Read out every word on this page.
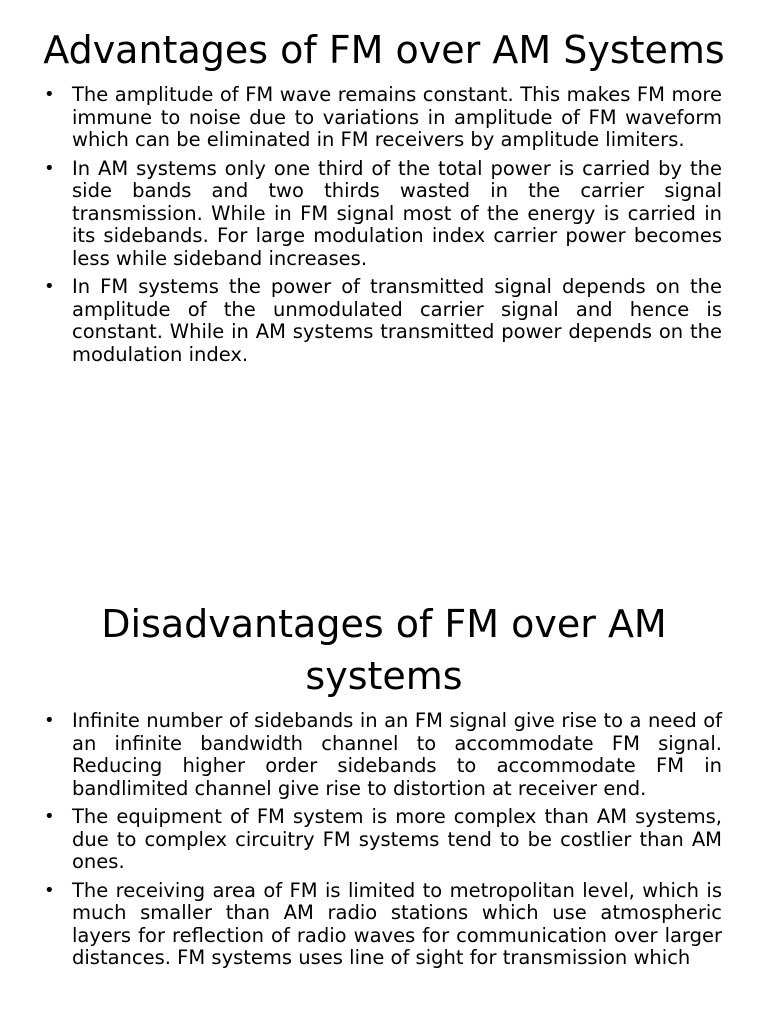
Advantages of FM over AM Systems
• The amplitude of FM wave remains constant. This makes FM more immune to noise due to variations in amplitude of FM waveform which can be eliminated in FM receivers by amplitude limiters.
• In AM systems only one third of the total power is carried by the side bands and two thirds wasted in the carrier signal transmission. While in FM signal most of the energy is carried in its sidebands. For large modulation index carrier power becomes less while sideband increases.
• In FM systems the power of transmitted signal depends on the amplitude of the unmodulated carrier signal and hence is constant. While in AM systems transmitted power depends on the modulation index.
Disadvantages of FM over AM systems
• Infinite number of sidebands in an FM signal give rise to a need of an infinite bandwidth channel to accommodate FM signal. Reducing higher order sidebands to accommodate FM in bandlimited channel give rise to distortion at receiver end.
• The equipment of FM system is more complex than AM systems, due to complex circuitry FM systems tend to be costlier than AM ones.
• The receiving area of FM is limited to metropolitan level, which is much smaller than AM radio stations which use atmospheric layers for reflection of radio waves for communication over larger distances. FM systems uses line of sight for transmission which
